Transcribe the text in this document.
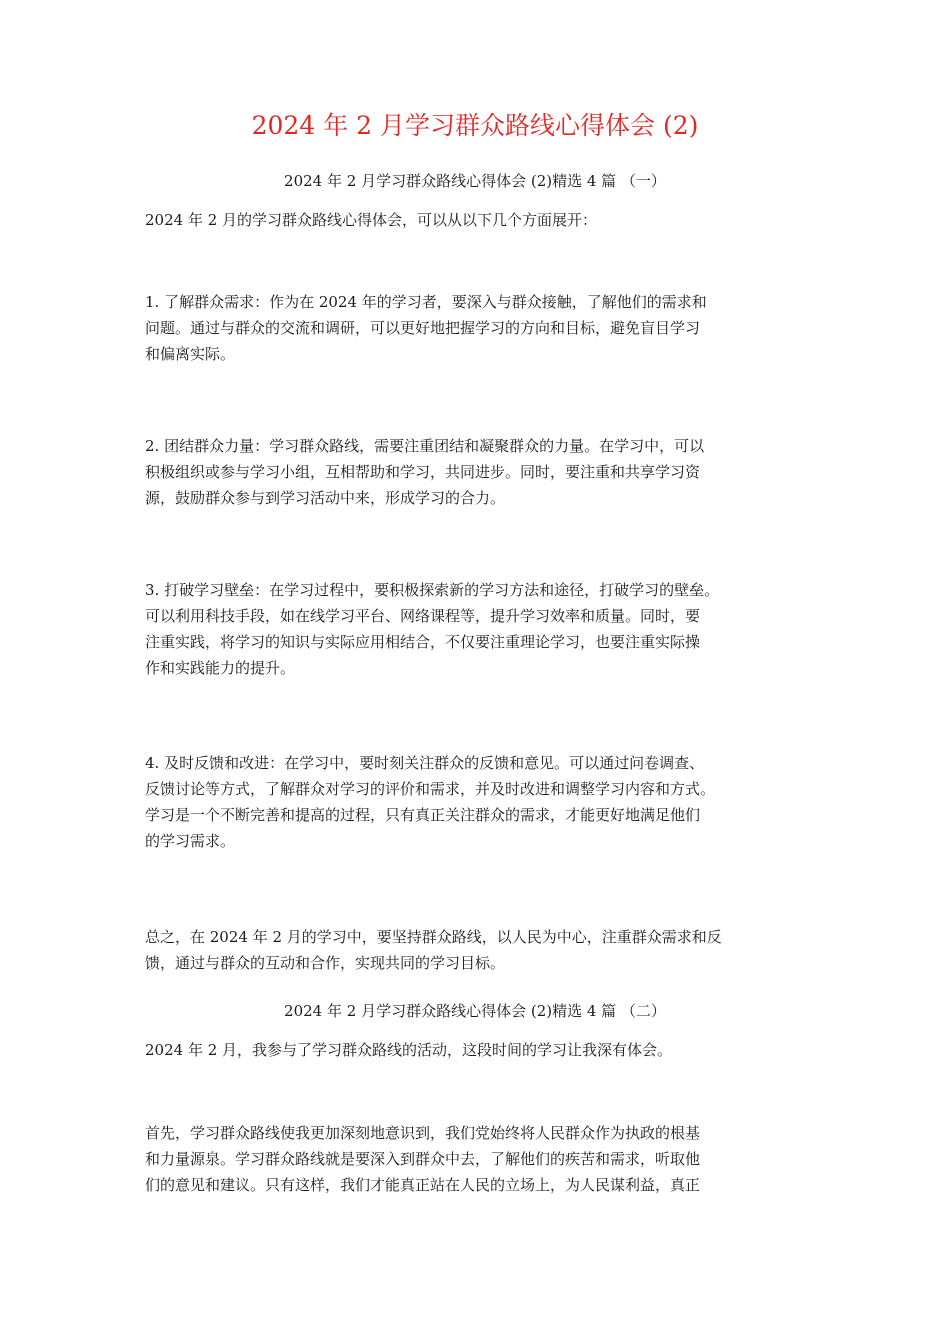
2024 年 2 月学习群众路线心得体会 (2)
2024 年 2 月学习群众路线心得体会 (2)精选 4 篇 （一）
2024 年 2 月的学习群众路线心得体会，可以从以下几个方面展开：
1. 了解群众需求：作为在 2024 年的学习者，要深入与群众接触，了解他们的需求和
问题。通过与群众的交流和调研，可以更好地把握学习的方向和目标，避免盲目学习
和偏离实际。
2. 团结群众力量：学习群众路线，需要注重团结和凝聚群众的力量。在学习中，可以
积极组织或参与学习小组，互相帮助和学习，共同进步。同时，要注重和共享学习资
源，鼓励群众参与到学习活动中来，形成学习的合力。
3. 打破学习壁垒：在学习过程中，要积极探索新的学习方法和途径，打破学习的壁垒。
可以利用科技手段，如在线学习平台、网络课程等，提升学习效率和质量。同时，要
注重实践，将学习的知识与实际应用相结合，不仅要注重理论学习，也要注重实际操
作和实践能力的提升。
4. 及时反馈和改进：在学习中，要时刻关注群众的反馈和意见。可以通过问卷调查、
反馈讨论等方式，了解群众对学习的评价和需求，并及时改进和调整学习内容和方式。
学习是一个不断完善和提高的过程，只有真正关注群众的需求，才能更好地满足他们
的学习需求。
总之，在 2024 年 2 月的学习中，要坚持群众路线，以人民为中心，注重群众需求和反
馈，通过与群众的互动和合作，实现共同的学习目标。
2024 年 2 月学习群众路线心得体会 (2)精选 4 篇 （二）
2024 年 2 月，我参与了学习群众路线的活动，这段时间的学习让我深有体会。
首先，学习群众路线使我更加深刻地意识到，我们党始终将人民群众作为执政的根基
和力量源泉。学习群众路线就是要深入到群众中去，了解他们的疾苦和需求，听取他
们的意见和建议。只有这样，我们才能真正站在人民的立场上，为人民谋利益，真正
